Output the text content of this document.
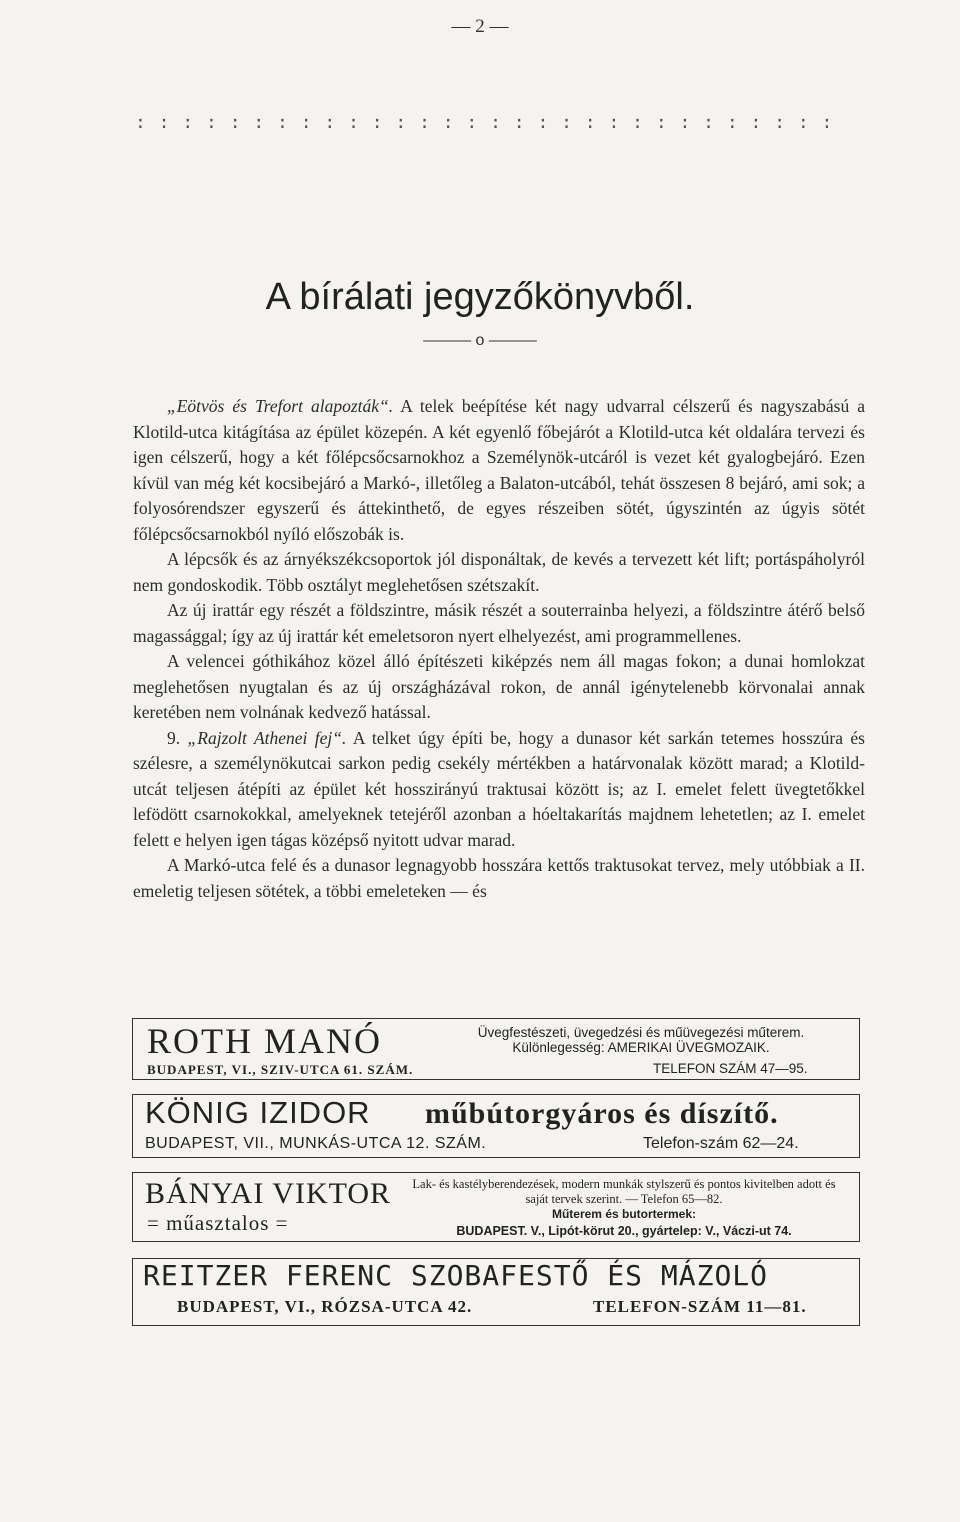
— 2 —
: : : : : : : : : : : : : : : : : : : : : : : : : : : : : :
A bírálati jegyzőkönyvből.
——— o ———

„Eötvös és Trefort alapozták“. A telek beépítése két nagy udvarral célszerű és nagyszabású a Klotild-utca kitágítása az épület közepén. A két egyenlő főbejárót a Klotild-utca két oldalára tervezi és igen célszerű, hogy a két főlépcsőcsarnokhoz a Személynök-utcáról is vezet két gyalogbejáró. Ezen kívül van még két kocsibejáró a Markó-, illetőleg a Balaton-utcából, tehát összesen 8 bejáró, ami sok; a folyosórendszer egyszerű és áttekinthető, de egyes részeiben sötét, úgyszintén az úgyis sötét főlépcsőcsarnokból nyíló előszobák is.

A lépcsők és az árnyékszékcsoportok jól disponáltak, de kevés a tervezett két lift; portáspáholyról nem gondoskodik. Több osztályt meglehetősen szétszakít.

Az új irattár egy részét a földszintre, másik részét a souterrainba helyezi, a földszintre átérő belső magassággal; így az új irattár két emeletsoron nyert elhelyezést, ami programmellenes.

A velencei góthikához közel álló építészeti kiképzés nem áll magas fokon; a dunai homlokzat meglehetősen nyugtalan és az új országházával rokon, de annál igénytelenebb körvonalai annak keretében nem volnának kedvező hatással.

9. „Rajzolt Athenei fej“. A telket úgy építi be, hogy a dunasor két sarkán tetemes hosszúra és szélesre, a személynökutcai sarkon pedig csekély mértékben a határvonalak között marad; a Klotild-utcát teljesen átépíti az épület két hosszirányú traktusai között is; az I. emelet felett üvegtetőkkel lefödött csarnokokkal, amelyeknek tetejéről azonban a hóeltakarítás majdnem lehetetlen; az I. emelet felett e helyen igen tágas középső nyitott udvar marad.

A Markó-utca felé és a dunasor legnagyobb hosszára kettős traktusokat tervez, mely utóbbiak a II. emeletig teljesen sötétek, a többi emeleteken — és

ROTH MANÓ	Üvegfestészeti, üvegedzési és műüvegezési műterem.
Különlegesség: AMERIKAI ÜVEGMOZAIK.
BUDAPEST, VI., SZIV-UTCA 61. SZÁM.	TELEFON SZÁM 47—95.
KÖNIG IZIDOR műbútorgyáros és díszítő.
BUDAPEST, VII., MUNKÁS-UTCA 12. SZÁM.	Telefon-szám 62—24.
BÁNYAI VIKTOR
= műasztalos =
Lak- és kastélyberendezések, modern munkák stylszerű és pontos kivitelben adott és saját tervek szerint. — Telefon 65—82.
Műterem és butortermek:
BUDAPEST. V., Lipót-körut 20., gyártelep: V., Váczi-ut 74.
REITZER FERENC SZOBAFESTŐ ÉS MÁZOLÓ
BUDAPEST, VI., RÓZSA-UTCA 42.	TELEFON-SZÁM 11—81.
